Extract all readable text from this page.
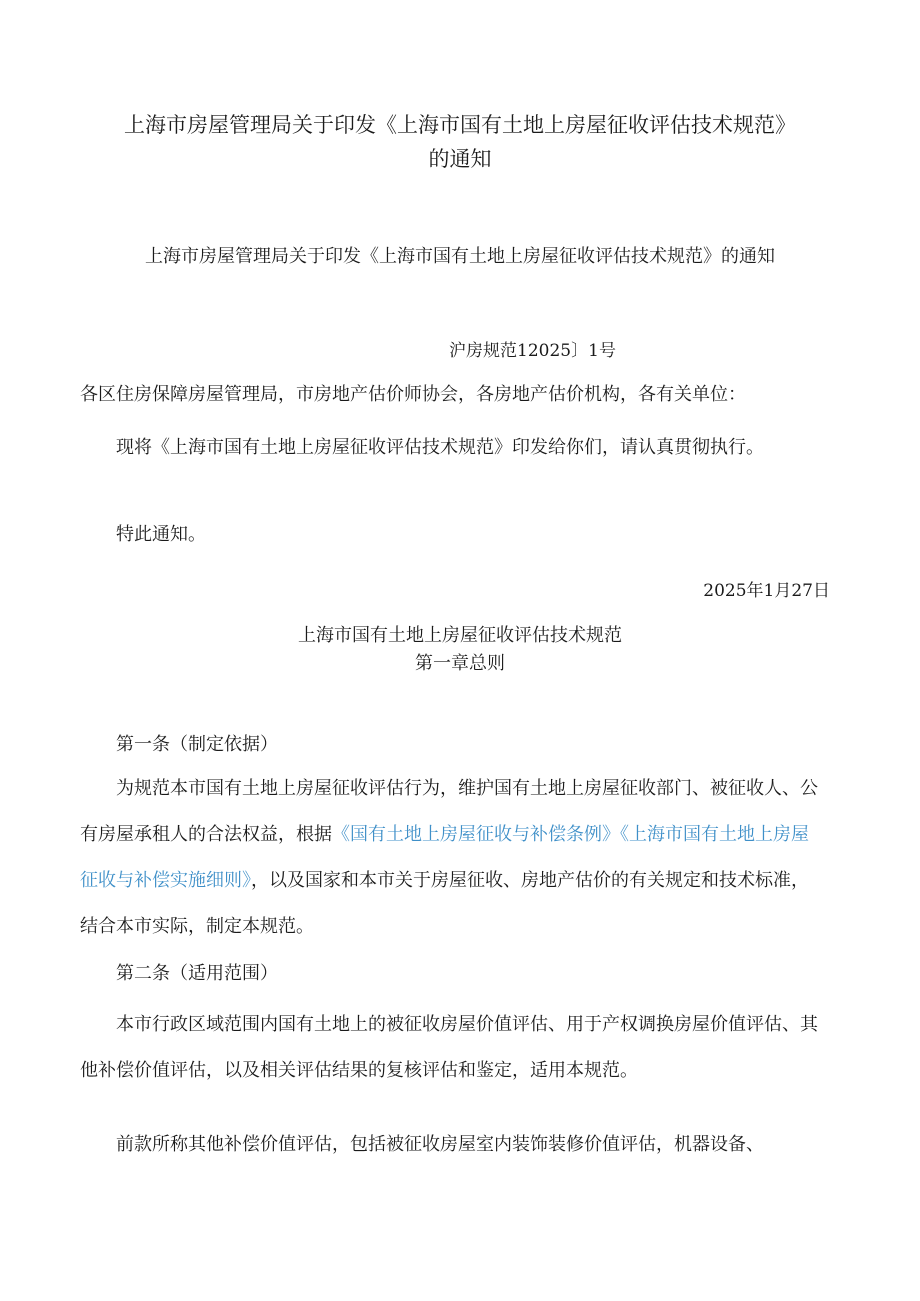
上海市房屋管理局关于印发《上海市国有土地上房屋征收评估技术规范》
的通知
上海市房屋管理局关于印发《上海市国有土地上房屋征收评估技术规范》的通知
沪房规范12025〕1号
各区住房保障房屋管理局，市房地产估价师协会，各房地产估价机构，各有关单位：
现将《上海市国有土地上房屋征收评估技术规范》印发给你们，请认真贯彻执行。
特此通知。
2025年1月27日
上海市国有土地上房屋征收评估技术规范
第一章总则
第一条（制定依据）
为规范本市国有土地上房屋征收评估行为，维护国有土地上房屋征收部门、被征收人、公有房屋承租人的合法权益，根据《国有土地上房屋征收与补偿条例》《上海市国有土地上房屋征收与补偿实施细则》，以及国家和本市关于房屋征收、房地产估价的有关规定和技术标准，结合本市实际，制定本规范。
第二条（适用范围）
本市行政区域范围内国有土地上的被征收房屋价值评估、用于产权调换房屋价值评估、其他补偿价值评估，以及相关评估结果的复核评估和鉴定，适用本规范。
前款所称其他补偿价值评估，包括被征收房屋室内装饰装修价值评估，机器设备、
